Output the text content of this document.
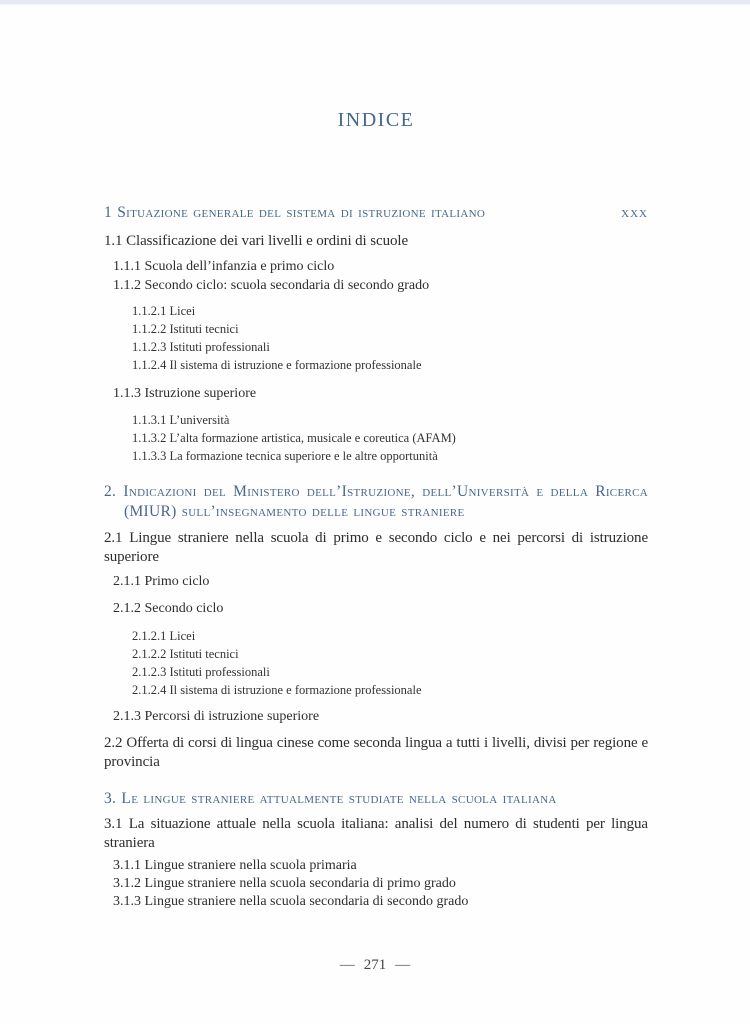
INDICE

1 Situazione generale del sistema di istruzione italiano	xxx

1.1 Classificazione dei vari livelli e ordini di scuole

1.1.1 Scuola dell’infanzia e primo ciclo

1.1.2 Secondo ciclo: scuola secondaria di secondo grado

1.1.2.1 Licei

1.1.2.2 Istituti tecnici

1.1.2.3 Istituti professionali

1.1.2.4 Il sistema di istruzione e formazione professionale

1.1.3 Istruzione superiore

1.1.3.1 L’università

1.1.3.2 L’alta formazione artistica, musicale e coreutica (AFAM)

1.1.3.3 La formazione tecnica superiore e le altre opportunità

2. Indicazioni del Ministero dell’Istruzione, dell’Università e della Ricerca (MIUR) sull’insegnamento delle lingue straniere

2.1 Lingue straniere nella scuola di primo e secondo ciclo e nei percorsi di istruzione superiore

2.1.1 Primo ciclo

2.1.2 Secondo ciclo

2.1.2.1 Licei

2.1.2.2 Istituti tecnici

2.1.2.3 Istituti professionali

2.1.2.4 Il sistema di istruzione e formazione professionale

2.1.3 Percorsi di istruzione superiore

2.2 Offerta di corsi di lingua cinese come seconda lingua a tutti i livelli, divisi per regione e provincia

3. Le lingue straniere attualmente studiate nella scuola italiana

3.1 La situazione attuale nella scuola italiana: analisi del numero di studenti per lingua straniera

3.1.1 Lingue straniere nella scuola primaria

3.1.2 Lingue straniere nella scuola secondaria di primo grado

3.1.3 Lingue straniere nella scuola secondaria di secondo grado

— 271 —
